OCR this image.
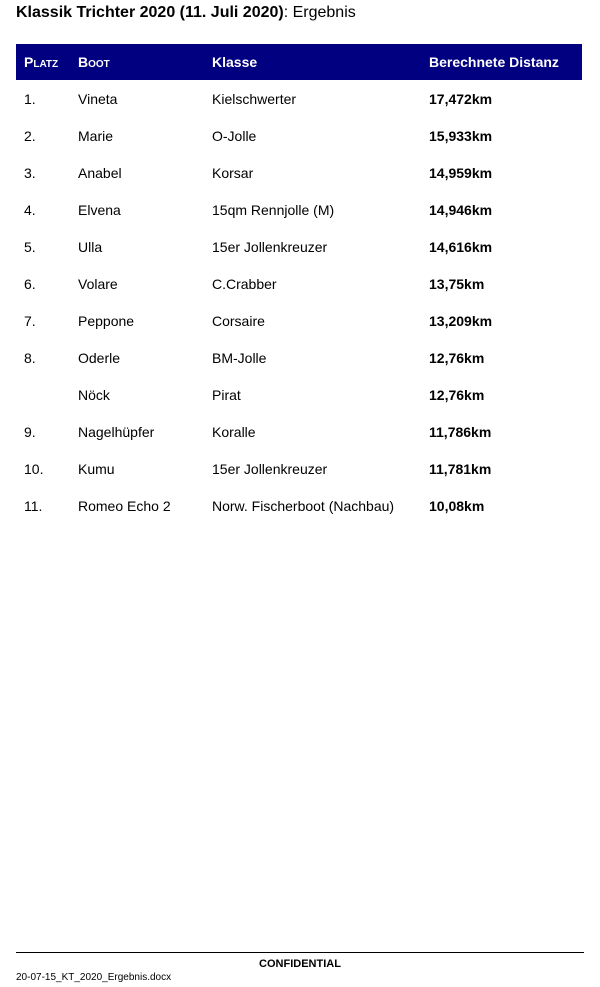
Klassik Trichter 2020 (11. Juli 2020): Ergebnis
Platz	Boot	Klasse	Berechnete Distanz
1.	Vineta	Kielschwerter	17,472km
2.	Marie	O-Jolle	15,933km
3.	Anabel	Korsar	14,959km
4.	Elvena	15qm Rennjolle (M)	14,946km
5.	Ulla	15er Jollenkreuzer	14,616km
6.	Volare	C.Crabber	13,75km
7.	Peppone	Corsaire	13,209km
8.	Oderle	BM-Jolle	12,76km
	Nöck	Pirat	12,76km
9.	Nagelhüpfer	Koralle	11,786km
10.	Kumu	15er Jollenkreuzer	11,781km
11.	Romeo Echo 2	Norw. Fischerboot (Nachbau)	10,08km
CONFIDENTIAL
20-07-15_KT_2020_Ergebnis.docx
